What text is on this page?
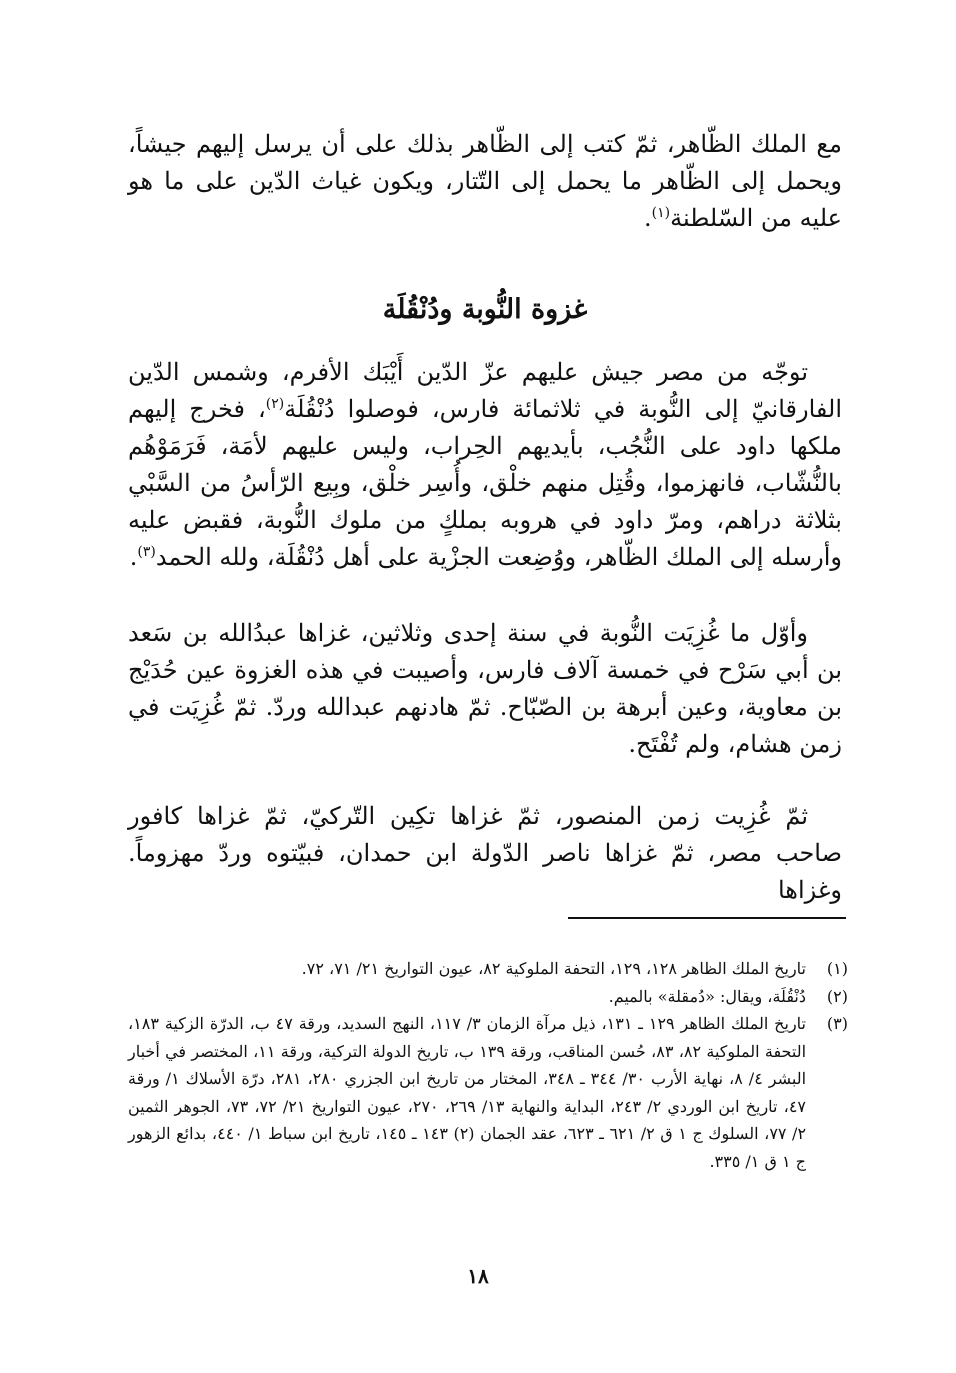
مع الملك الظّاهر، ثمّ كتب إلى الظّاهر بذلك على أن يرسل إليهم جيشاً، ويحمل إلى الظّاهر ما يحمل إلى التّتار، ويكون غياث الدّين على ما هو عليه من السّلطنة$^{(١)}$.

غزوة النُّوبة ودُنْقُلَة

توجّه من مصر جيش عليهم عزّ الدّين أَيْبَك الأفرم، وشمس الدّين الفارقانيّ إلى النُّوبة في ثلاثمائة فارس، فوصلوا دُنْقُلَة$^{(٢)}$، فخرج إليهم ملكها داود على النُّجُب، بأيديهم الحِراب، وليس عليهم لأمَة، فَرَمَوْهُم بالنُّشّاب، فانهزموا، وقُتِل منهم خلْق، وأُسِر خلْق، وبِيع الرّأسُ من السَّبْي بثلاثة دراهم، ومرّ داود في هروبه بملكٍ من ملوك النُّوبة، فقبض عليه وأرسله إلى الملك الظّاهر، ووُضِعت الجزْية على أهل دُنْقُلَة، ولله الحمد$^{(٣)}$.

وأوّل ما غُزِيَت النُّوبة في سنة إحدى وثلاثين، غزاها عبدُالله بن سَعد بن أبي سَرْح في خمسة آلاف فارس، وأصيبت في هذه الغزوة عين حُدَيْج بن معاوية، وعين أبرهة بن الصّبّاح. ثمّ هادنهم عبدالله وردّ. ثمّ غُزِيَت في زمن هشام، ولم تُفْتَح.

ثمّ غُزِيت زمن المنصور، ثمّ غزاها تكِين التّركيّ، ثمّ غزاها كافور صاحب مصر، ثمّ غزاها ناصر الدّولة ابن حمدان، فبيّتوه وردّ مهزوماً. وغزاها

(١)
تاريخ الملك الظاهر ١٢٨، ١٢٩، التحفة الملوكية ٨٢، عيون التواريخ ٢١/ ٧١، ٧٢.
(٢)
دُنْقُلَة، ويقال: «دُمقلة» بالميم.
(٣)
تاريخ الملك الظاهر ١٢٩ ـ ١٣١، ذيل مرآة الزمان ٣/ ١١٧، النهج السديد، ورقة ٤٧ ب، الدرّة الزكية ١٨٣، التحفة الملوكية ٨٢، ٨٣، حُسن المناقب، ورقة ١٣٩ ب، تاريخ الدولة التركية، ورقة ١١، المختصر في أخبار البشر ٤/ ٨، نهاية الأرب ٣٠/ ٣٤٤ ـ ٣٤٨، المختار من تاريخ ابن الجزري ٢٨٠، ٢٨١، درّة الأسلاك ١/ ورقة ٤٧، تاريخ ابن الوردي ٢/ ٢٤٣، البداية والنهاية ١٣/ ٢٦٩، ٢٧٠، عيون التواريخ ٢١/ ٧٢، ٧٣، الجوهر الثمين ٢/ ٧٧، السلوك ج ١ ق ٢/ ٦٢١ ـ ٦٢٣، عقد الجمان (٢) ١٤٣ ـ ١٤٥، تاريخ ابن سباط ١/ ٤٤٠، بدائع الزهور ج ١ ق ١/ ٣٣٥.
١٨
